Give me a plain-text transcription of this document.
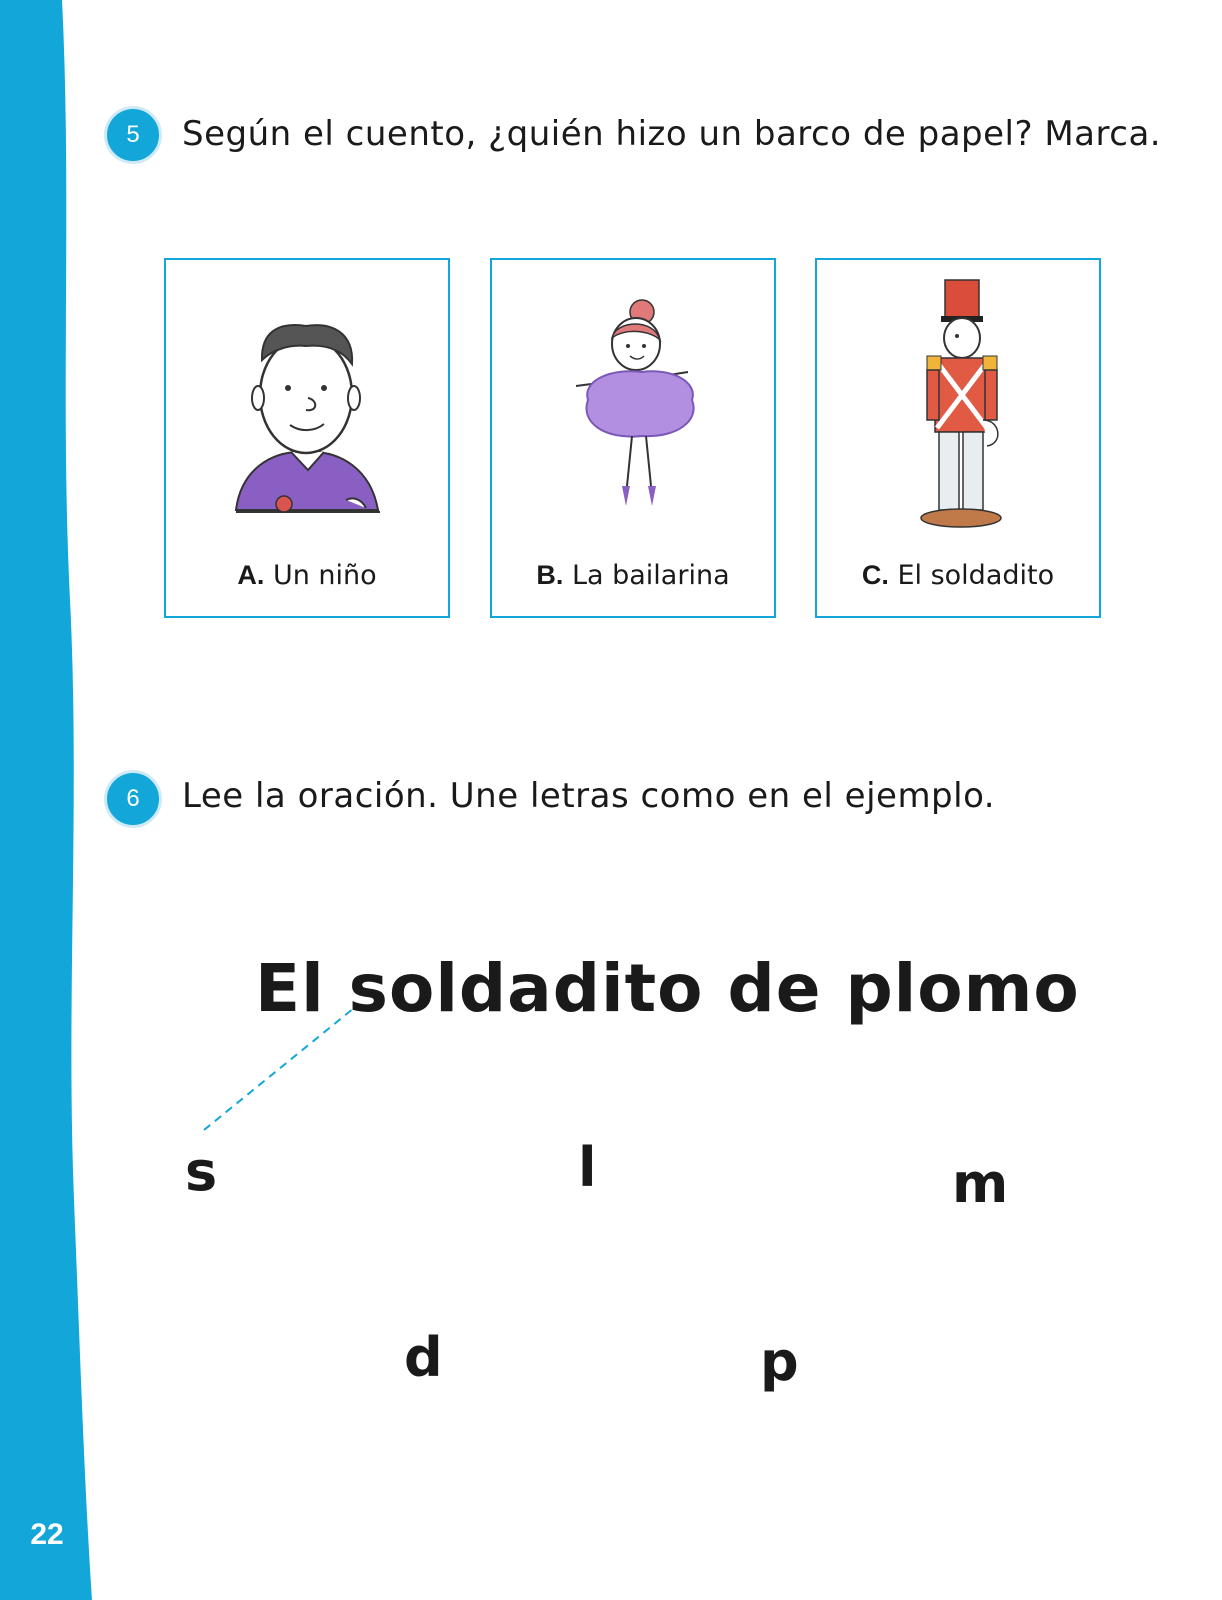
22
5	Según el cuento, ¿quién hizo un barco de papel? Marca.
A. Un niño	B. La bailarina	C. El soldadito
6	Lee la oración. Une letras como en el ejemplo.
El soldadito de plomo
s	l	m
d	p
